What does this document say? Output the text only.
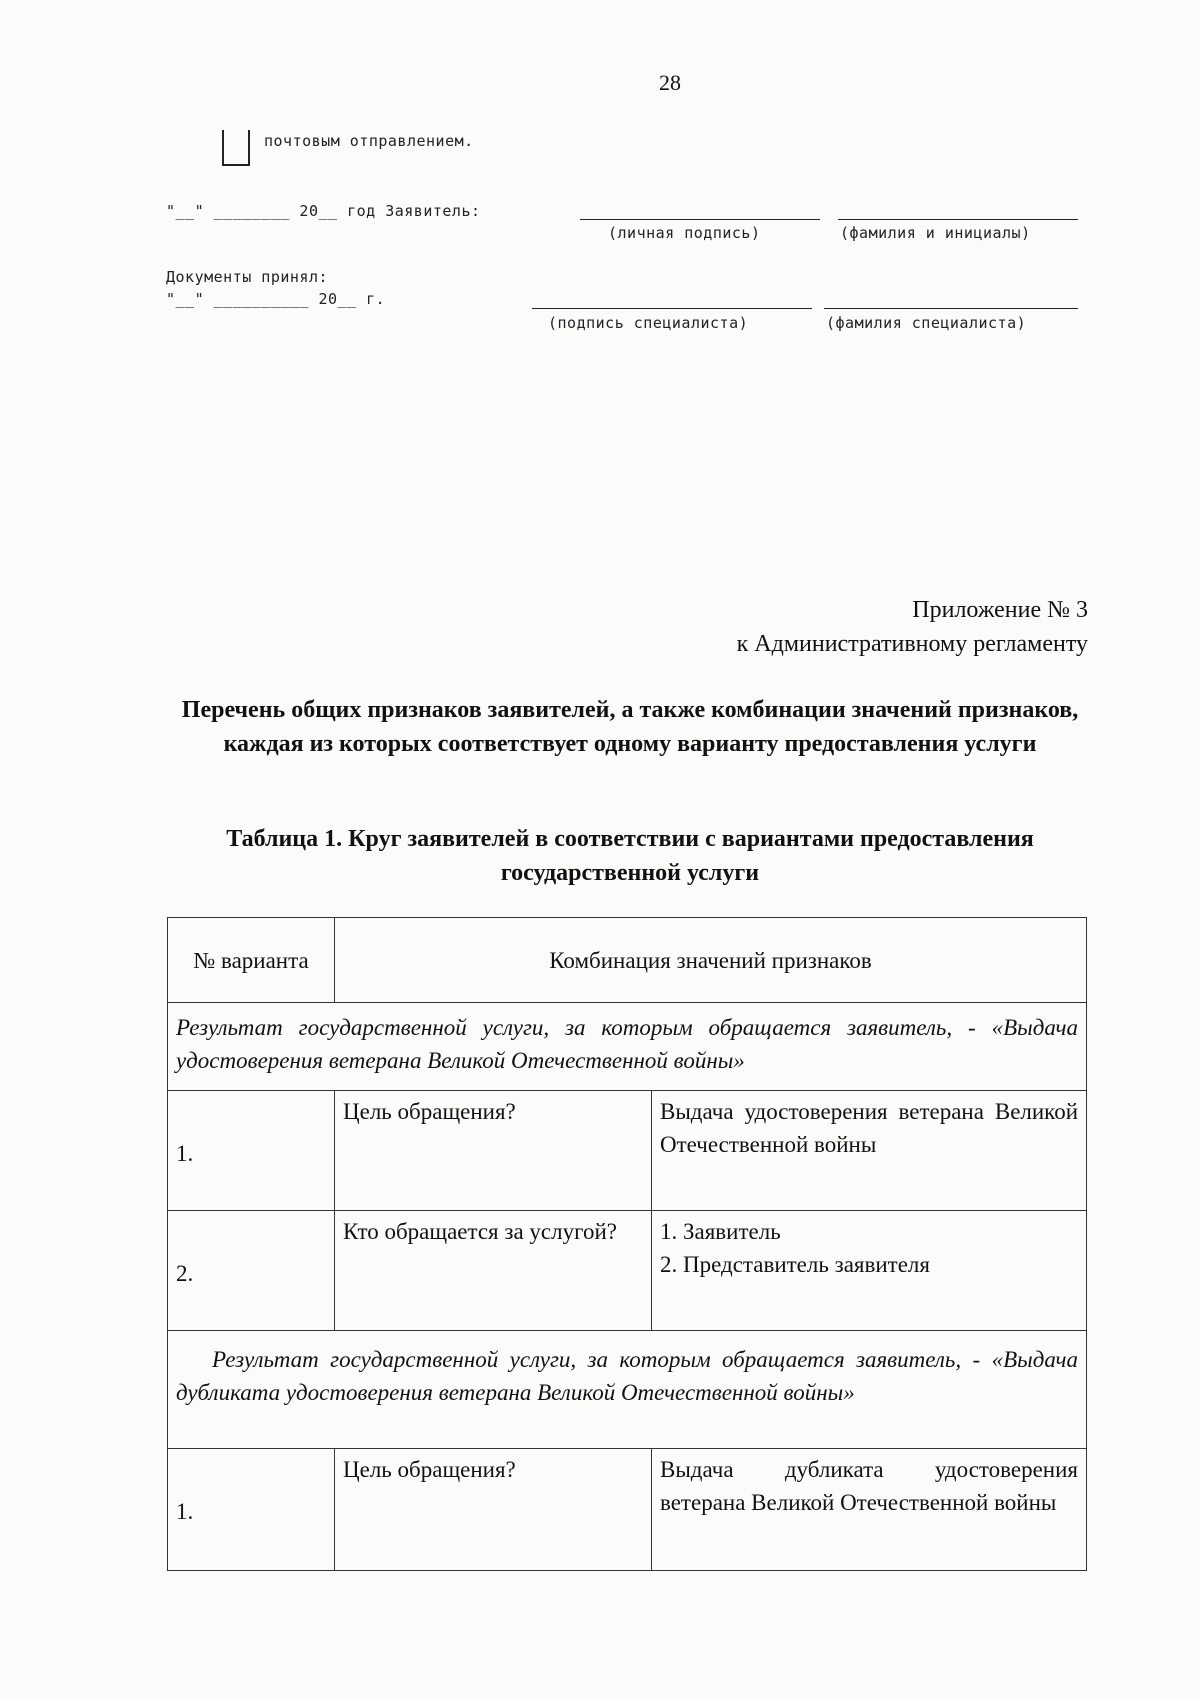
28
почтовым отправлением.
"__" ________ 20__ год Заявитель:
(личная подпись)	(фамилия и инициалы)
Документы принял:
"__" __________ 20__ г.
(подпись специалиста)	(фамилия специалиста)
Приложение № 3
к Административному регламенту
Перечень общих признаков заявителей, а также комбинации значений признаков, каждая из которых соответствует одному варианту предоставления услуги
Таблица 1. Круг заявителей в соответствии с вариантами предоставления государственной услуги
№ варианта	Комбинация значений признаков	
Результат государственной услуги, за которым обращается заявитель, - «Выдача удостоверения ветерана Великой Отечественной войны»		
1.	Цель обращения?	Выдача удостоверения ветерана Великой Отечественной войны
2.	Кто обращается за услугой?	1. Заявитель
2. Представитель заявителя

Результат государственной услуги, за которым обращается заявитель, - «Выдача дубликата удостоверения ветерана Великой Отечественной войны»		
1.	Цель обращения?	Выдача дубликата удостоверения ветерана Великой Отечественной войны
